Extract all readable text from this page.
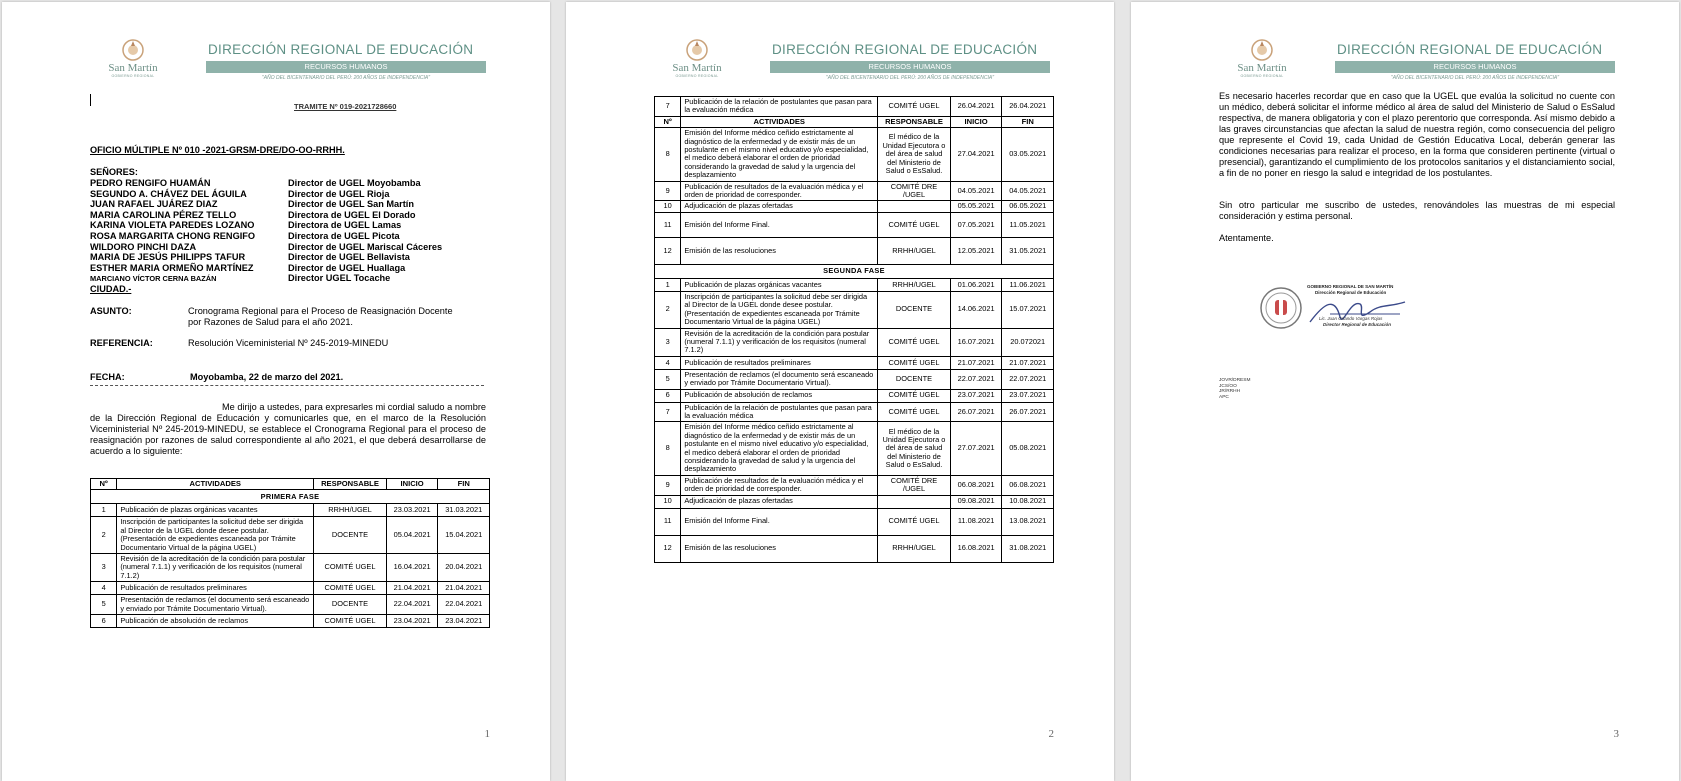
San Martín
GOBIERNO REGIONAL
DIRECCIÓN REGIONAL DE EDUCACIÓN
RECURSOS HUMANOS
"AÑO DEL BICENTENARIO DEL PERÚ: 200 AÑOS DE INDEPENDENCIA"
TRAMITE Nº 019-2021728660
OFICIO MÚLTIPLE Nº 010 -2021-GRSM-DRE/DO-OO-RRHH.
SEÑORES:
CIUDAD.-
ASUNTO:	Cronograma Regional para el Proceso de Reasignación Docente
por Razones de Salud para el año 2021.
REFERENCIA:	Resolución Viceministerial Nº 245-2019-MINEDU
FECHA:	Moyobamba, 22 de marzo del 2021.
Me dirijo a ustedes, para expresarles mi cordial saludo a nombre de la Dirección Regional de Educación y comunicarles que, en el marco de la Resolución Viceministerial Nº 245-2019-MINEDU, se establece el Cronograma Regional para el proceso de reasignación por razones de salud correspondiente al año 2021, el que deberá desarrollarse de acuerdo a lo siguiente:
Nº	ACTIVIDADES	RESPONSABLE	INICIO	FIN
PRIMERA FASE				
1	Publicación de plazas orgánicas vacantes	RRHH/UGEL	23.03.2021	31.03.2021
2	Inscripción de participantes la solicitud debe ser dirigida al Director de la UGEL donde desee postular. (Presentación de expedientes escaneada por Trámite Documentario Virtual de la página UGEL)	DOCENTE	05.04.2021	15.04.2021
3	Revisión de la acreditación de la condición para postular (numeral 7.1.1) y verificación de los requisitos (numeral 7.1.2)	COMITÉ UGEL	16.04.2021	20.04.2021
4	Publicación de resultados preliminares	COMITÉ UGEL	21.04.2021	21.04.2021
5	Presentación de reclamos (el documento será escaneado y enviado por Trámite Documentario Virtual).	DOCENTE	22.04.2021	22.04.2021
6	Publicación de absolución de reclamos	COMITÉ UGEL	23.04.2021	23.04.2021
1
PEDRO RENGIFO HUAMÁN	Director de UGEL Moyobamba
SEGUNDO A. CHÁVEZ DEL ÁGUILA	Director de UGEL Rioja
JUAN RAFAEL JUÁREZ DIAZ	Director de UGEL San Martín
MARIA CAROLINA PÉREZ TELLO	Directora de UGEL El Dorado
KARINA VIOLETA PAREDES LOZANO	Directora de UGEL Lamas
ROSA MARGARITA CHONG RENGIFO	Directora de UGEL Picota
WILDORO PINCHI DAZA	Director de UGEL Mariscal Cáceres
MARIA DE JESÚS PHILIPPS TAFUR	Director de UGEL Bellavista
ESTHER MARIA ORMEÑO MARTÍNEZ	Director de UGEL Huallaga
MARCIANO VÍCTOR CERNA BAZÁN	Director UGEL Tocache
San Martín
GOBIERNO REGIONAL
DIRECCIÓN REGIONAL DE EDUCACIÓN
RECURSOS HUMANOS
"AÑO DEL BICENTENARIO DEL PERÚ: 200 AÑOS DE INDEPENDENCIA"
7	Publicación de la relación de postulantes que pasan para la evaluación médica	COMITÉ UGEL	26.04.2021	26.04.2021
Nº	ACTIVIDADES	RESPONSABLE	INICIO	FIN
8	Emisión del Informe médico ceñido estrictamente al diagnóstico de la enfermedad y de existir más de un postulante en el mismo nivel educativo y/o especialidad, el medico deberá elaborar el orden de prioridad considerando la gravedad de salud y la urgencia del desplazamiento	El médico de la Unidad Ejecutora o del área de salud del Ministerio de Salud o EsSalud.	27.04.2021	03.05.2021
9	Publicación de resultados de la evaluación médica y el orden de prioridad de corresponder.	COMITÉ DRE /UGEL	04.05.2021	04.05.2021
10	Adjudicación de plazas ofertadas		05.05.2021	06.05.2021
11	Emisión del Informe Final.	COMITÉ UGEL	07.05.2021	11.05.2021
12	Emisión de las resoluciones	RRHH/UGEL	12.05.2021	31.05.2021
SEGUNDA FASE				
1	Publicación de plazas orgánicas vacantes	RRHH/UGEL	01.06.2021	11.06.2021
2	Inscripción de participantes la solicitud debe ser dirigida al Director de la UGEL donde desee postular. (Presentación de expedientes escaneada por Trámite Documentario Virtual de la página UGEL)	DOCENTE	14.06.2021	15.07.2021
3	Revisión de la acreditación de la condición para postular (numeral 7.1.1) y verificación de los requisitos (numeral 7.1.2)	COMITÉ UGEL	16.07.2021	20.072021
4	Publicación de resultados preliminares	COMITÉ UGEL	21.07.2021	21.07.2021
5	Presentación de reclamos (el documento será escaneado y enviado por Trámite Documentario Virtual).	DOCENTE	22.07.2021	22.07.2021
6	Publicación de absolución de reclamos	COMITÉ UGEL	23.07.2021	23.07.2021
7	Publicación de la relación de postulantes que pasan para la evaluación médica	COMITÉ UGEL	26.07.2021	26.07.2021
8	Emisión del Informe médico ceñido estrictamente al diagnóstico de la enfermedad y de existir más de un postulante en el mismo nivel educativo y/o especialidad, el medico deberá elaborar el orden de prioridad considerando la gravedad de salud y la urgencia del desplazamiento	El médico de la Unidad Ejecutora o del área de salud del Ministerio de Salud o EsSalud.	27.07.2021	05.08.2021
9	Publicación de resultados de la evaluación médica y el orden de prioridad de corresponder.	COMITÉ DRE /UGEL	06.08.2021	06.08.2021
10	Adjudicación de plazas ofertadas		09.08.2021	10.08.2021
11	Emisión del Informe Final.	COMITÉ UGEL	11.08.2021	13.08.2021
12	Emisión de las resoluciones	RRHH/UGEL	16.08.2021	31.08.2021
2
San Martín
GOBIERNO REGIONAL
DIRECCIÓN REGIONAL DE EDUCACIÓN
RECURSOS HUMANOS
"AÑO DEL BICENTENARIO DEL PERÚ: 200 AÑOS DE INDEPENDENCIA"
Es necesario hacerles recordar que en caso que la UGEL que evalúa la solicitud no cuente con un médico, deberá solicitar el informe médico al área de salud del Ministerio de Salud o EsSalud respectiva, de manera obligatoria y con el plazo perentorio que corresponda. Así mismo debido a las graves circunstancias que afectan la salud de nuestra región, como consecuencia del peligro que represente el Covid 19, cada Unidad de Gestión Educativa Local, deberán generar las condiciones necesarias para realizar el proceso, en la forma que consideren pertinente (virtual o presencial), garantizando el cumplimiento de los protocolos sanitarios y el distanciamiento social, a fin de no poner en riesgo la salud e integridad de los postulantes.
Sin otro particular me suscribo de ustedes, renovándoles las muestras de mi especial consideración y estima personal.
Atentamente.
GOBIERNO REGIONAL DE SAN MARTÍN
Dirección Regional de Educación
Lic. Juan Orlando Vargas Rojas
Director Regional de Educación
3
JOVR/DRESM
JCS/OO
JR/RRHH
APC
